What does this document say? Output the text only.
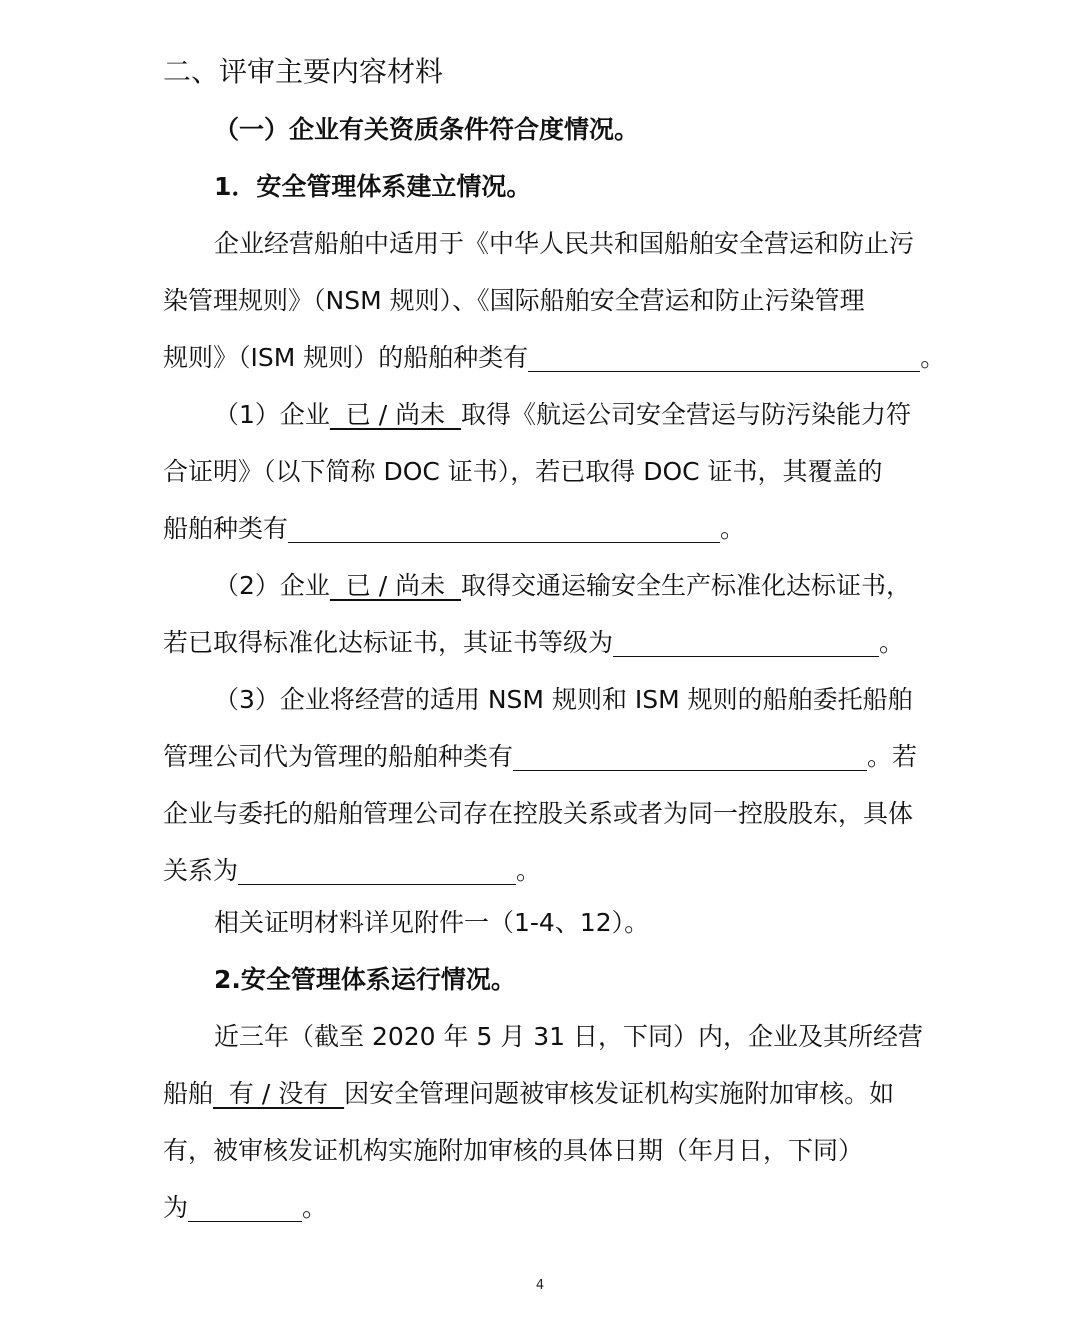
二、评审主要内容材料
（一）企业有关资质条件符合度情况。
1．安全管理体系建立情况。
企业经营船舶中适用于《中华人民共和国船舶安全营运和防止污
染管理规则》（NSM 规则）、《国际船舶安全营运和防止污染管理
规则》（ISM 规则）的船舶种类有	。
（1）企业  已 / 尚未  取得《航运公司安全营运与防污染能力符
合证明》（以下简称 DOC 证书），若已取得 DOC 证书，其覆盖的
船舶种类有	。
（2）企业  已 / 尚未  取得交通运输安全生产标准化达标证书，
若已取得标准化达标证书，其证书等级为	。
（3）企业将经营的适用 NSM 规则和 ISM 规则的船舶委托船舶
管理公司代为管理的船舶种类有	。若
企业与委托的船舶管理公司存在控股关系或者为同一控股股东，具体
关系为	。
相关证明材料详见附件一（1-4、12）。
2.安全管理体系运行情况。
近三年（截至 2020 年 5 月 31 日，下同）内，企业及其所经营
船舶  有 / 没有  因安全管理问题被审核发证机构实施附加审核。如
有，被审核发证机构实施附加审核的具体日期（年月日，下同）
为	。
4
